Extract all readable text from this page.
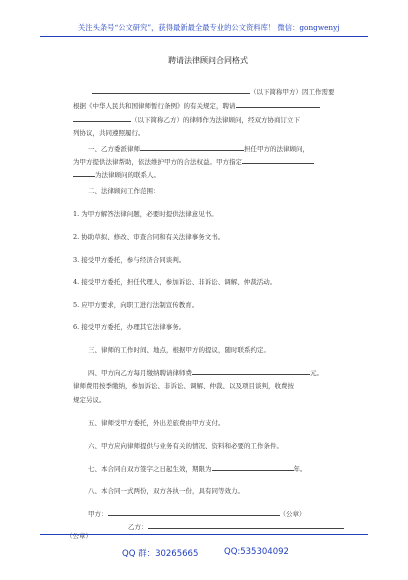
关注头条号“公文研究”，获得最新最全最专业的公文资料库！ 微信：gongwenyj
聘请法律顾问合同格式
（以下简称甲方）因工作需要
根据《中华人民共和国律师暂行条例》的有关规定，聘请
（以下简称乙方）的律师作为法律顾问，经双方协商订立下
列协议，共同遵照履行。
一、乙方委派律师	担任甲方的法律顾问，
为甲方提供法律帮助，依法维护甲方的合法权益。甲方指定
为法律顾问的联系人。
二、法律顾问工作范围：
1. 为甲方解答法律问题，必要时提供法律意见书。
2. 协助草拟、修改、审查合同和有关法律事务文书。
3. 接受甲方委托，参与经济合同谈判。
4. 接受甲方委托，担任代理人，参加诉讼、非诉讼、调解、仲裁活动。
5. 应甲方要求，向职工进行法制宣传教育。
6. 接受甲方委托，办理其它法律事务。
三、律师的工作时间、地点，根据甲方的提议，随时联系约定。
四、甲方向乙方每月缴纳聘请律师费	元。
律师费用按季缴纳，参加诉讼、非诉讼、调解、仲裁、以及项目谈判，收费按
规定另议。
五、律师受甲方委托，外出差旅费由甲方支付。
六、甲方应向律师提供与业务有关的情况、资料和必要的工作条件。
七、本合同自双方签字之日起生效，期限为	年。
八、本合同一式两份，双方各执一份，具有同等效力。
甲方：	（公章）
乙方：
（公章）
QQ 群：30265665	QQ:535304092
